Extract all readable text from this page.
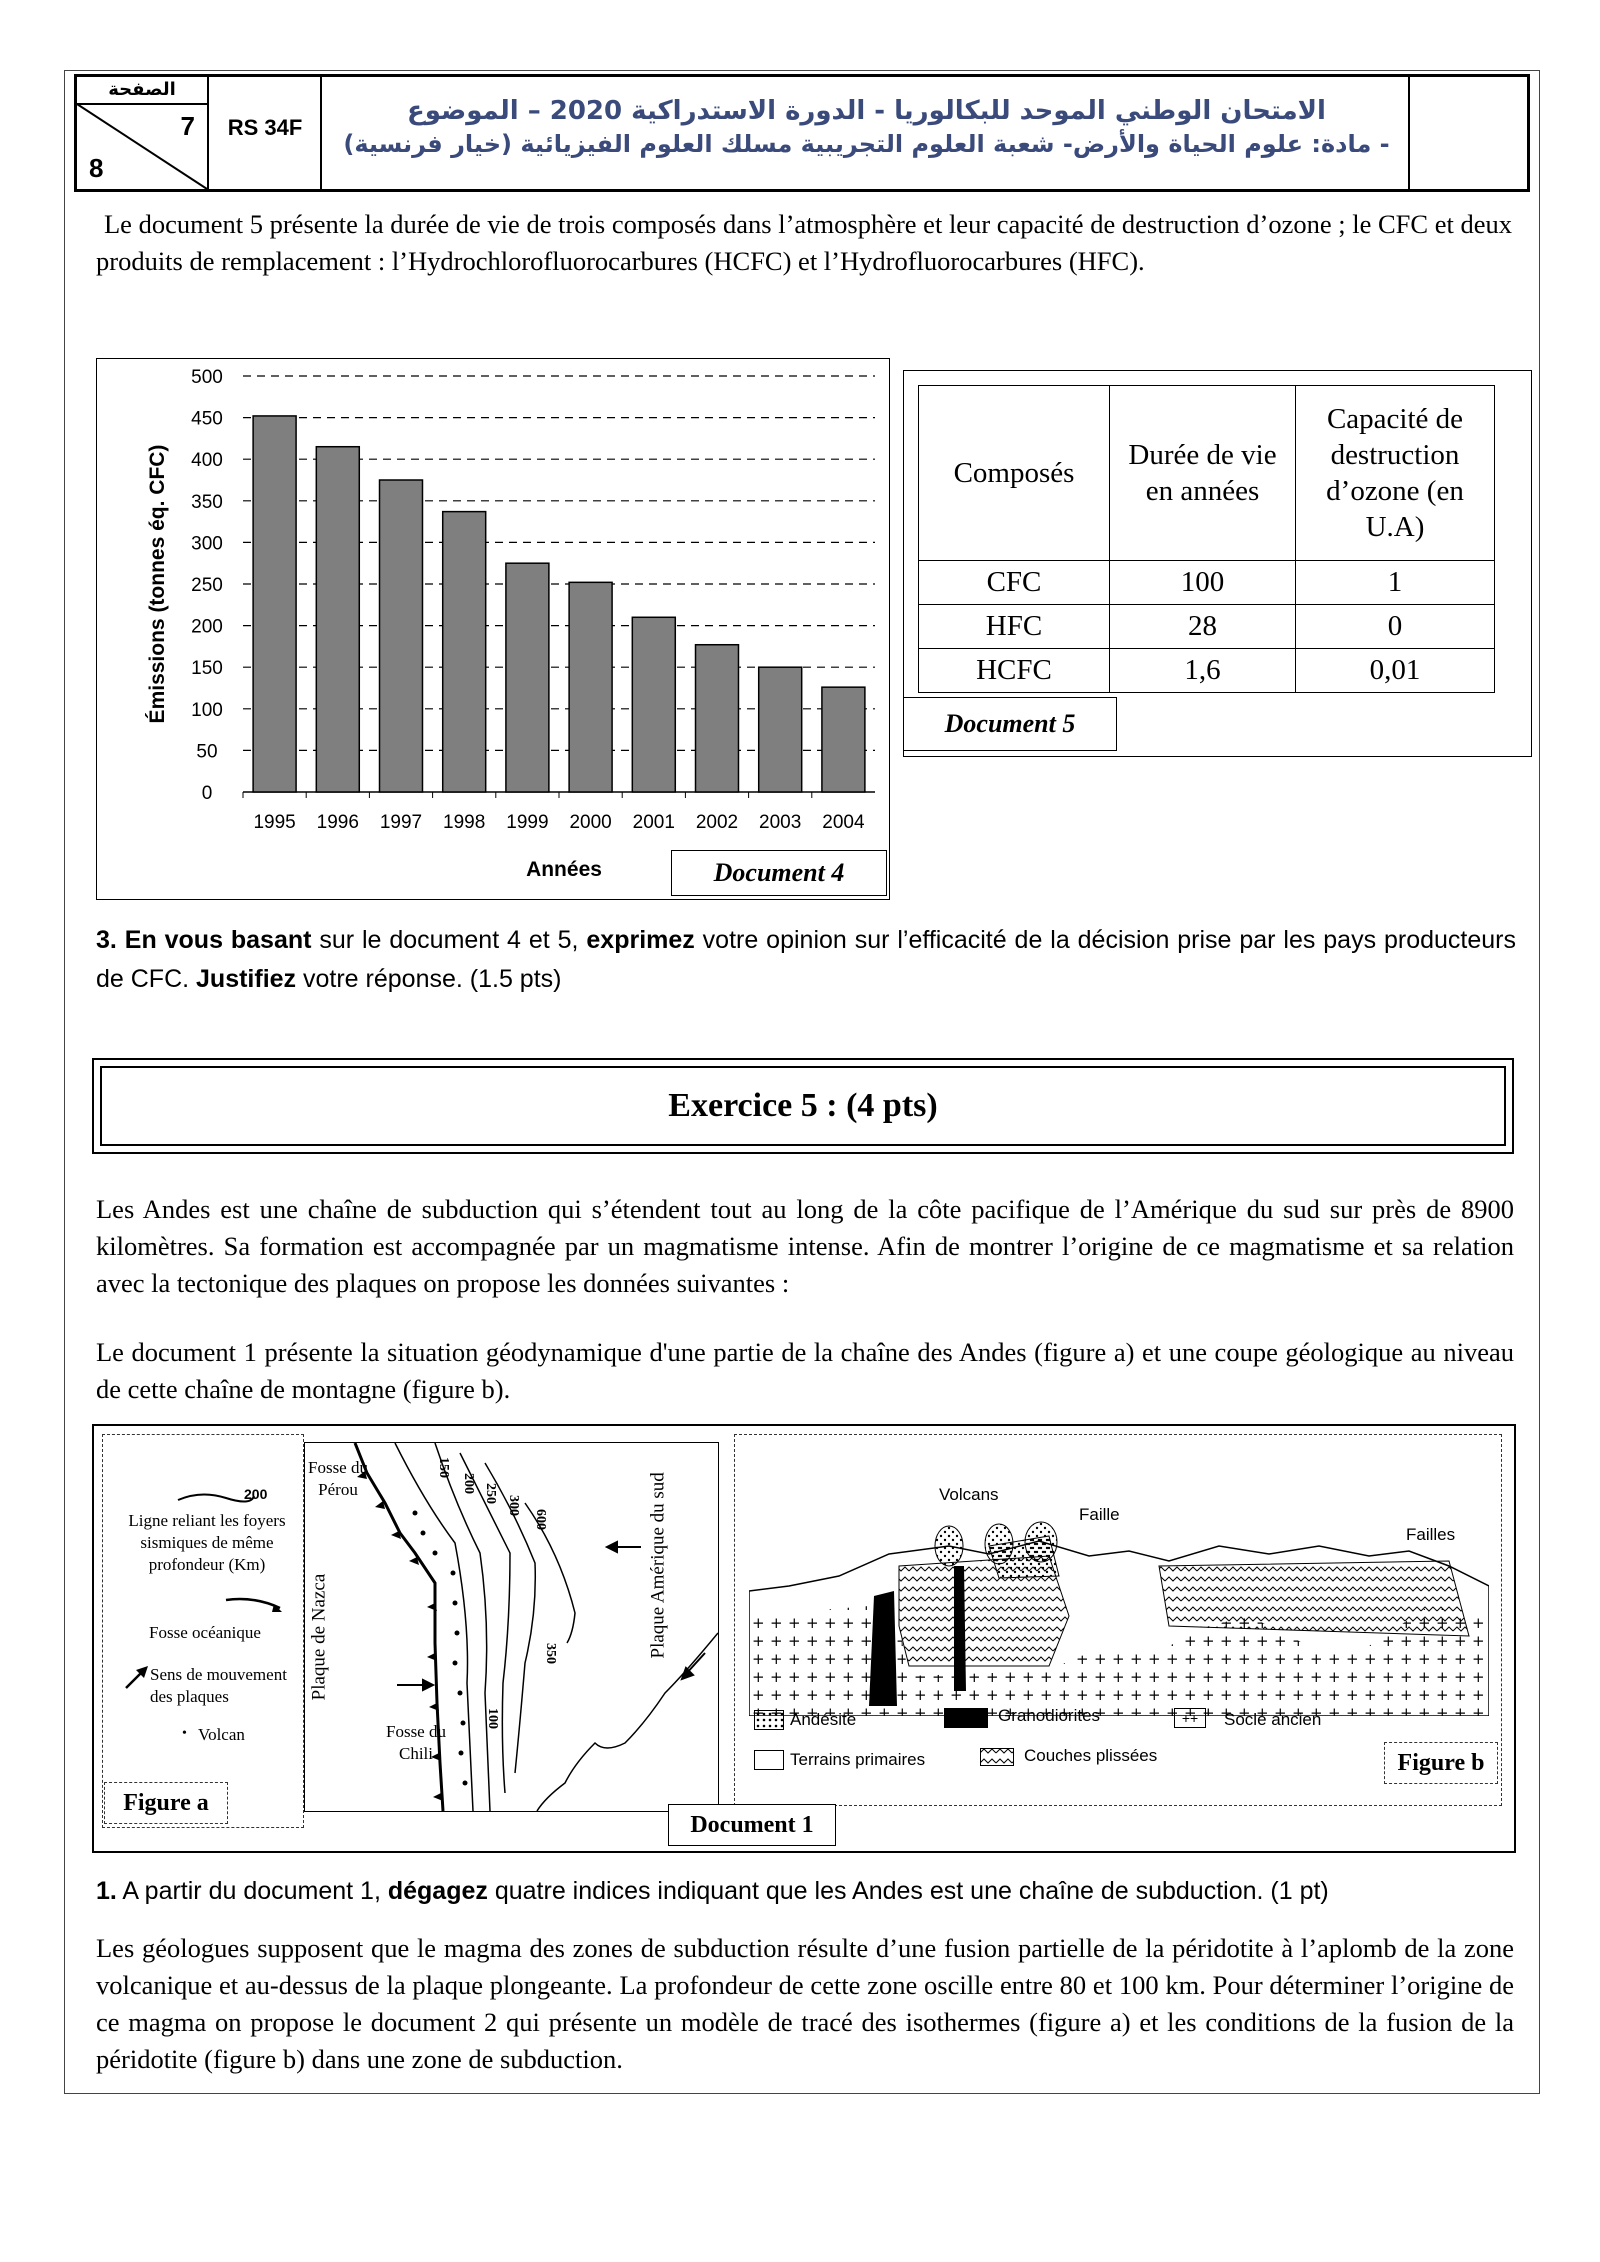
الصفحة
7
8
RS 34F
الامتحان الوطني الموحد للبكالوريا - الدورة الاستدراكية 2020 – الموضوع
- مادة: علوم الحياة والأرض- شعبة العلوم التجريبية مسلك العلوم الفيزيائية (خيار فرنسية)
Le document 5 présente la durée de vie de trois composés dans l’atmosphère et leur capacité de destruction d’ozone ; le CFC et deux produits de remplacement : l’Hydrochlorofluorocarbures (HCFC) et l’Hydrofluorocarbures (HFC).
Émissions (tonnes éq. CFC)
Années
0
50
100
150
200
250
300
350
400
450
500
1995 1996 1997 1998 1999 2000 2001 2002 2003 2004
Document 4
Composés	Durée de vie en années	Capacité de destruction d’ozone (en U.A)
CFC	100	1
HFC	28	0
HCFC	1,6	0,01
Document 5
3. En vous basant sur le document 4 et 5, exprimez votre opinion sur l’efficacité de la décision prise par les pays producteurs de CFC. Justifiez votre réponse. (1.5 pts)
Exercice 5 : (4 pts)
Les Andes est une chaîne de subduction qui s’étendent tout au long de la côte pacifique de l’Amérique du sud sur près de 8900 kilomètres. Sa formation est accompagnée par un magmatisme intense. Afin de montrer l’origine de ce magmatisme et sa relation avec la tectonique des plaques on propose les données suivantes :
Le document 1 présente la situation géodynamique d'une partie de la chaîne des Andes (figure a) et une coupe géologique au niveau de cette chaîne de montagne (figure b).
200
Ligne reliant les foyers sismiques de même profondeur (Km)
Fosse océanique
Sens de mouvement des plaques
• Volcan
Figure a
150
200 250
300
600
350
100
Fosse du Pérou
Fosse du Chili
Plaque de Nazca	Plaque Amérique du sud	Volcans
Faille
Failles
Andésite	Granodiorites	++	Socle ancien
Terrains primaires	Couches plissées	Figure b
Document 1
1. A partir du document 1, dégagez quatre indices indiquant que les Andes est une chaîne de subduction. (1 pt)
Les géologues supposent que le magma des zones de subduction résulte d’une fusion partielle de la péridotite à l’aplomb de la zone volcanique et au-dessus de la plaque plongeante. La profondeur de cette zone oscille entre 80 et 100 km. Pour déterminer l’origine de ce magma on propose le document 2 qui présente un modèle de tracé des isothermes (figure a) et les conditions de la fusion de la péridotite (figure b) dans une zone de subduction.
